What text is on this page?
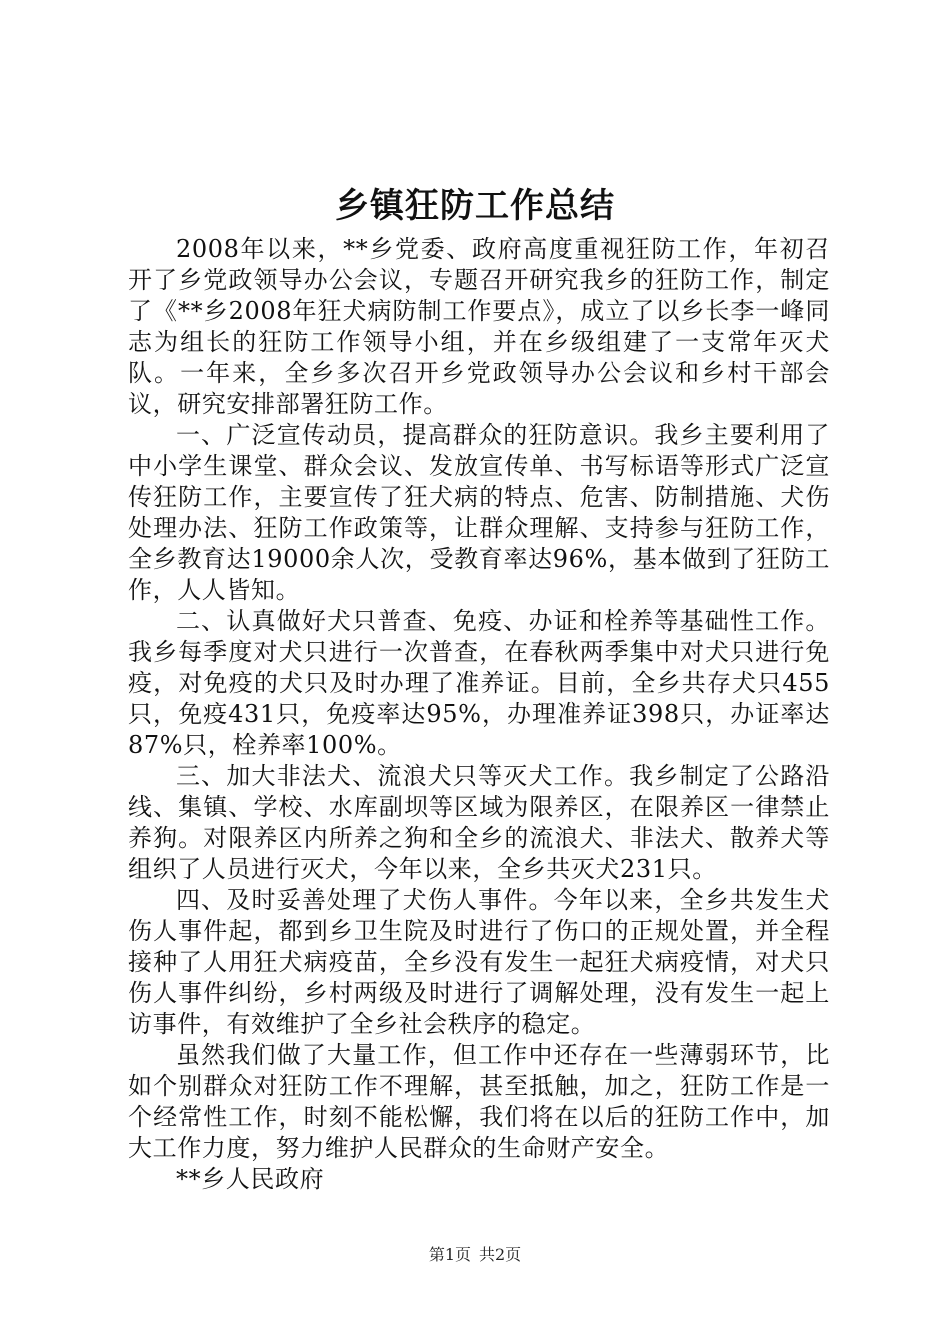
乡镇狂防工作总结

2008年以来，**乡党委、政府高度重视狂防工作，年初召开了乡党政领导办公会议，专题召开研究我乡的狂防工作，制定了《**乡2008年狂犬病防制工作要点》，成立了以乡长李一峰同志为组长的狂防工作领导小组，并在乡级组建了一支常年灭犬队。一年来，全乡多次召开乡党政领导办公会议和乡村干部会议，研究安排部署狂防工作。

一、广泛宣传动员，提高群众的狂防意识。我乡主要利用了中小学生课堂、群众会议、发放宣传单、书写标语等形式广泛宣传狂防工作，主要宣传了狂犬病的特点、危害、防制措施、犬伤处理办法、狂防工作政策等，让群众理解、支持参与狂防工作，全乡教育达19000余人次，受教育率达96%，基本做到了狂防工作，人人皆知。

二、认真做好犬只普查、免疫、办证和栓养等基础性工作。我乡每季度对犬只进行一次普查，在春秋两季集中对犬只进行免疫，对免疫的犬只及时办理了准养证。目前，全乡共存犬只455只，免疫431只，免疫率达95%，办理准养证398只，办证率达87%只，栓养率100%。

三、加大非法犬、流浪犬只等灭犬工作。我乡制定了公路沿线、集镇、学校、水库副坝等区域为限养区，在限养区一律禁止养狗。对限养区内所养之狗和全乡的流浪犬、非法犬、散养犬等组织了人员进行灭犬，今年以来，全乡共灭犬231只。

四、及时妥善处理了犬伤人事件。今年以来，全乡共发生犬伤人事件起，都到乡卫生院及时进行了伤口的正规处置，并全程接种了人用狂犬病疫苗，全乡没有发生一起狂犬病疫情，对犬只伤人事件纠纷，乡村两级及时进行了调解处理，没有发生一起上访事件，有效维护了全乡社会秩序的稳定。

虽然我们做了大量工作，但工作中还存在一些薄弱环节，比如个别群众对狂防工作不理解，甚至抵触，加之，狂防工作是一个经常性工作，时刻不能松懈，我们将在以后的狂防工作中，加大工作力度，努力维护人民群众的生命财产安全。

**乡人民政府

第1页 共2页
